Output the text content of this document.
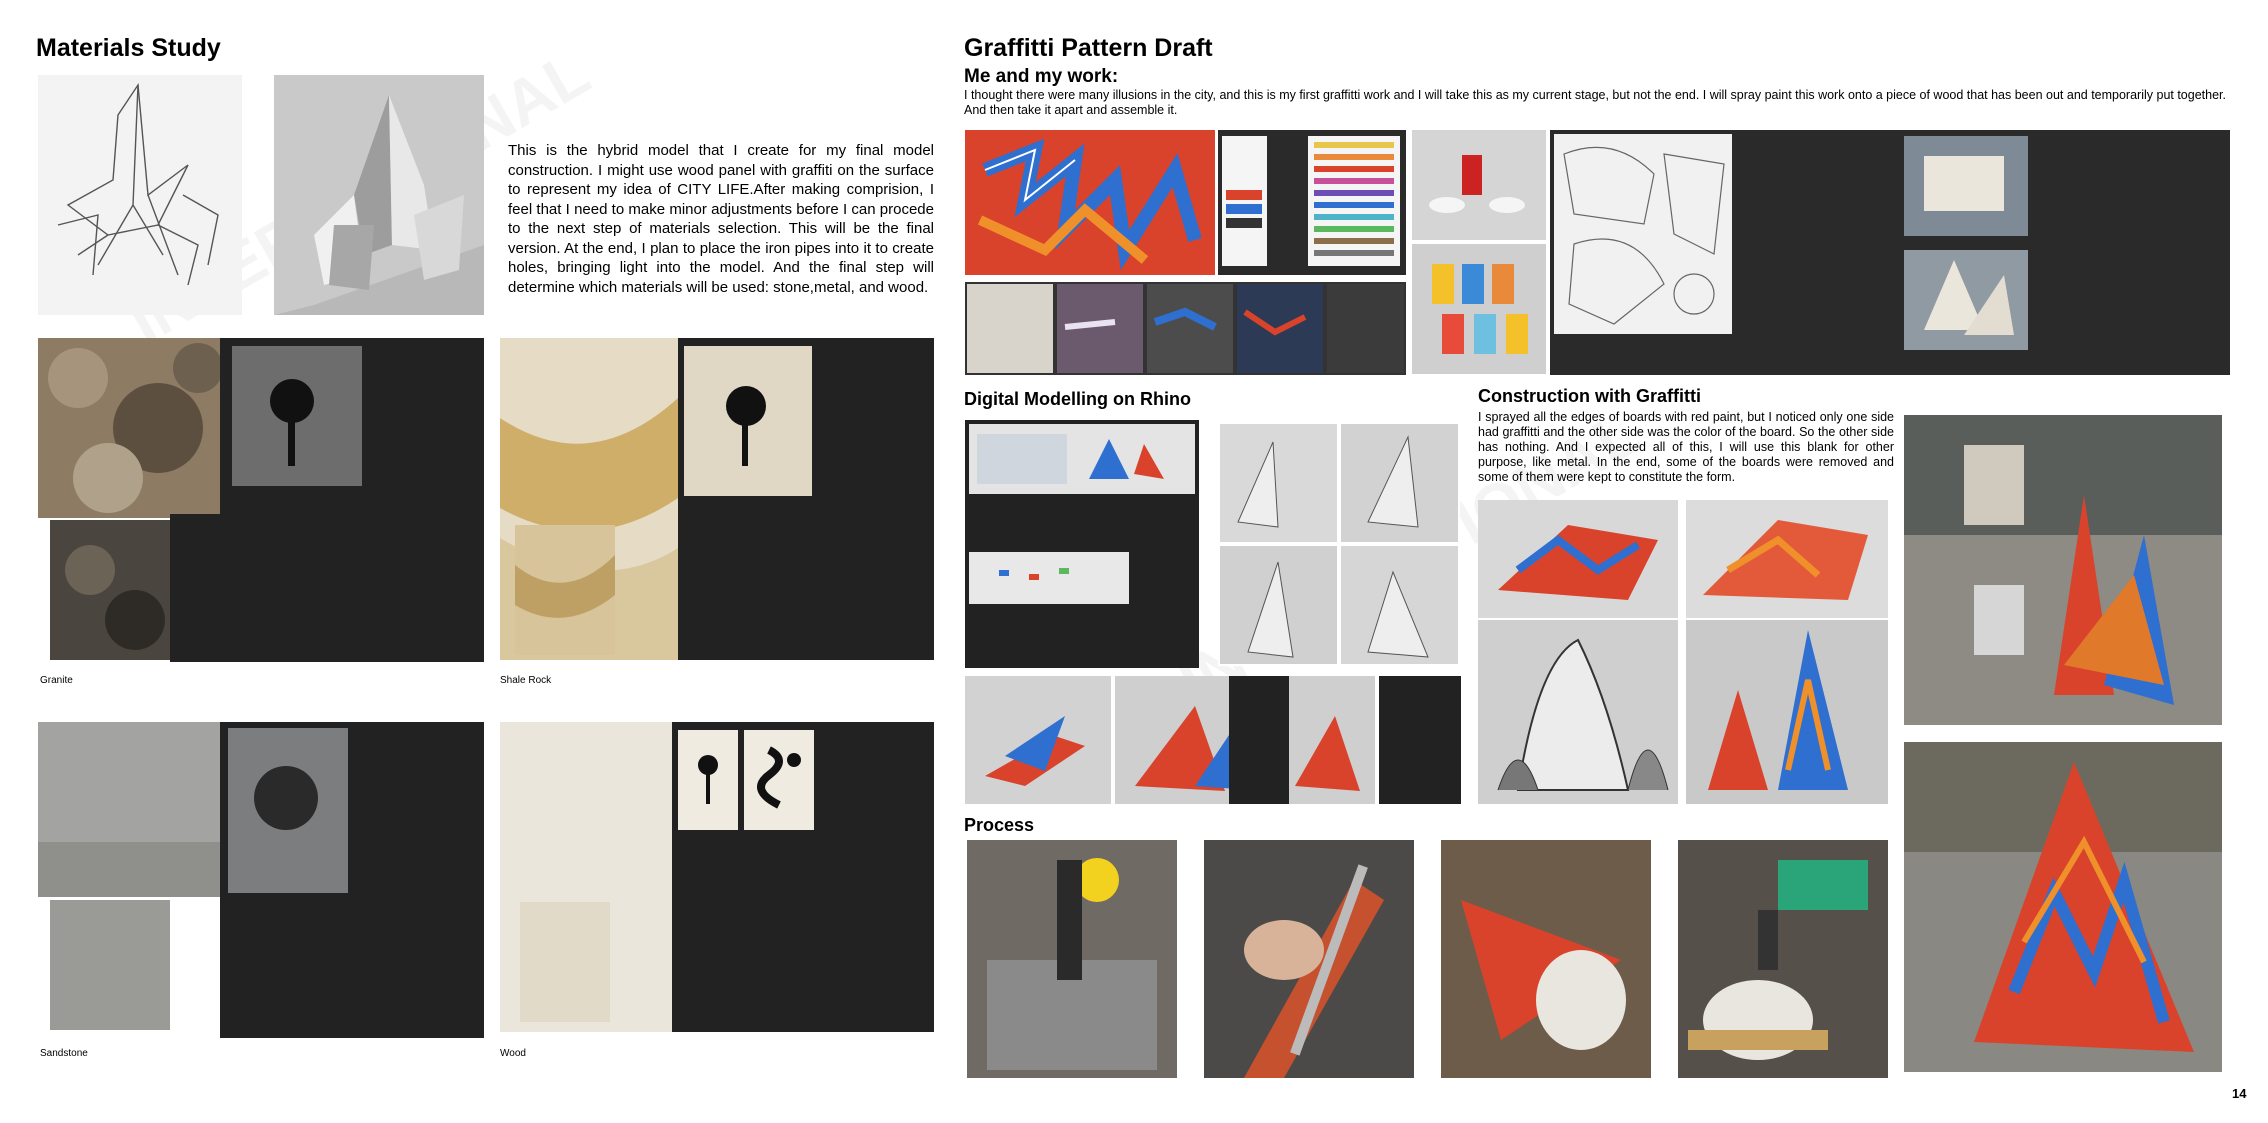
Materials Study
This is the hybrid model that I create for my final model construction. I might use wood panel with graffiti on the surface to represent my idea of CITY LIFE.After making comprision, I feel that I need to make minor adjustments before I can procede to the next step of materials selection. This will be the final version. At the end, I plan to place the iron pipes into it to create holes, bringing light into the model. And the final step will determine which materials will be used: stone,metal, and wood.
Granite	Shale Rock
Sandstone	Wood
Graffitti Pattern Draft
Me and my work:
I thought there were many illusions in the city, and this is my first graffitti work and I will take this as my current stage, but not the end. I will spray paint this work onto a piece of wood that has been out and temporarily put together. And then take it apart and assemble it.
Digital Modelling on Rhino	Construction with Graffitti
I sprayed all the edges of boards with red paint, but I noticed only one side had graffitti and the other side was the color of the board. So the other side has nothing. And I expected all of this, I will use this blank for other purpose, like metal. In the end, some of the boards were removed and some of them were kept to constitute the form.
Process
14
